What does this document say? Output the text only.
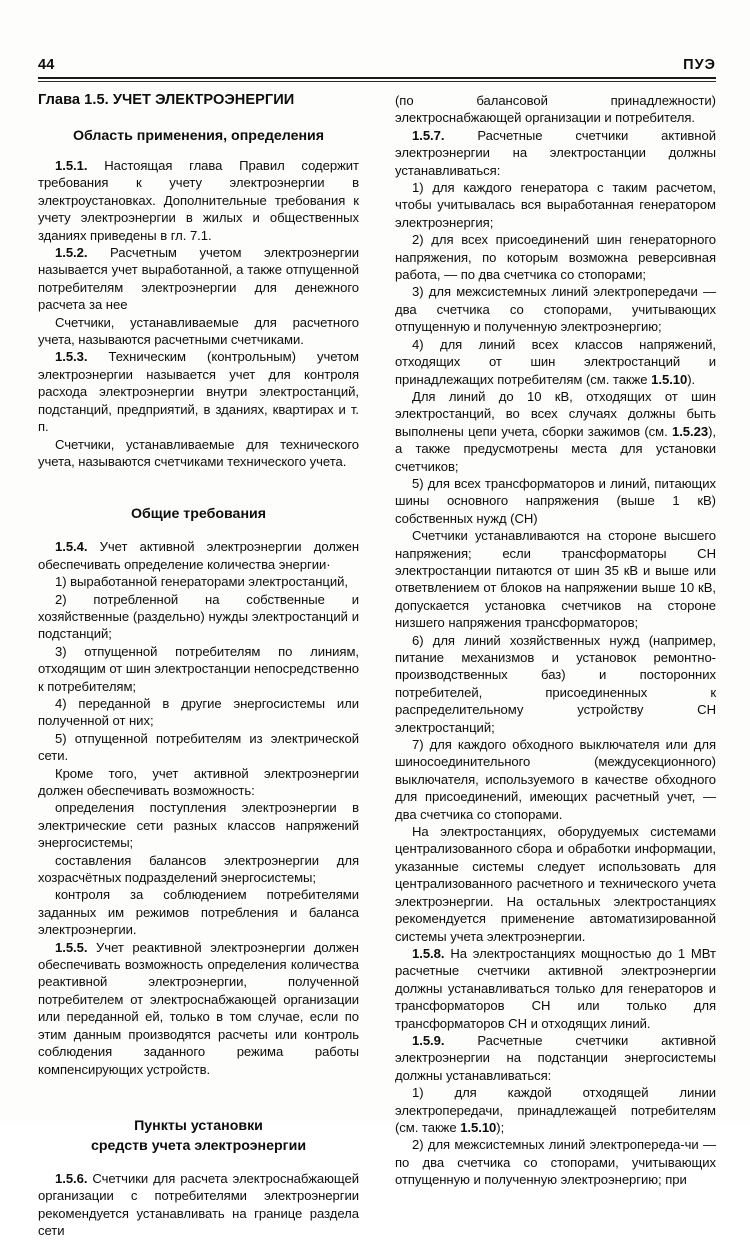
44	ПУЭ
Глава 1.5. УЧЕТ ЭЛЕКТРОЭНЕРГИИ
Область применения, определения

1.5.1. Настоящая глава Правил содержит требования к учету электроэнергии в электроустановках. Дополнительные требования к учету электроэнергии в жилых и общественных зданиях приведены в гл. 7.1.

1.5.2. Расчетным учетом электроэнергии называется учет выработанной, а также отпущенной потребителям электроэнергии для денежного расчета за нее

Счетчики, устанавливаемые для расчетного учета, называются расчетными счетчиками.

1.5.3. Техническим (контрольным) учетом электроэнергии называется учет для контроля расхода электроэнергии внутри электростанций, подстанций, предприятий, в зданиях, квартирах и т. п.

Счетчики, устанавливаемые для технического учета, называются счетчиками технического учета.

Общие требования

1.5.4. Учет активной электроэнергии должен обеспечивать определение количества энергии·

1) выработанной генераторами электростанций,

2) потребленной на собственные и хозяйственные (раздельно) нужды электростанций и подстанций;

3) отпущенной потребителям по линиям, отходящим от шин электростанции непосредственно к потребителям;

4) переданной в другие энергосистемы или полученной от них;

5) отпущенной потребителям из электрической сети.

Кроме того, учет активной электроэнергии должен обеспечивать возможность:

определения поступления электроэнергии в электрические сети разных классов напряжений энергосистемы;

составления балансов электроэнергии для хозрасчётных подразделений энергосистемы;

контроля за соблюдением потребителями заданных им режимов потребления и баланса электроэнергии.

1.5.5. Учет реактивной электроэнергии должен обеспечивать возможность определения количества реактивной электроэнергии, полученной потребителем от электроснабжающей организации или переданной ей, только в том случае, если по этим данным производятся расчеты или контроль соблюдения заданного режима работы компенсирующих устройств.

Пункты установки
средств учета электроэнергии

1.5.6. Счетчики для расчета электроснабжающей организации с потребителями электроэнергии рекомендуется устанавливать на границе раздела сети

(по балансовой принадлежности) электроснабжающей организации и потребителя.

1.5.7. Расчетные счетчики активной электроэнергии на электростанции должны устанавливаться:

1) для каждого генератора с таким расчетом, чтобы учитывалась вся выработанная генератором электроэнергия;

2) для всех присоединений шин генераторного напряжения, по которым возможна реверсивная работа, — по два счетчика со стопорами;

3) для межсистемных линий электропередачи — два счетчика со стопорами, учитывающих отпущенную и полученную электроэнергию;

4) для линий всех классов напряжений, отходящих от шин электростанций и принадлежащих потребителям (см. также 1.5.10).

Для линий до 10 кВ, отходящих от шин электростанций, во всех случаях должны быть выполнены цепи учета, сборки зажимов (см. 1.5.23), а также предусмотрены места для установки счетчиков;

5) для всех трансформаторов и линий, питающих шины основного напряжения (выше 1 кВ) собственных нужд (СН)

Счетчики устанавливаются на стороне высшего напряжения; если трансформаторы СН электростанции питаются от шин 35 кВ и выше или ответвлением от блоков на напряжении выше 10 кВ, допускается установка счетчиков на стороне низшего напряжения трансформаторов;

6) для линий хозяйственных нужд (например, питание механизмов и установок ремонтно-производственных баз) и посторонних потребителей, присоединенных к распределительному устройству СН электростанций;

7) для каждого обходного выключателя или для шиносоединительного (междусекционного) выключателя, используемого в качестве обходного для присоединений, имеющих расчетный учет, — два счетчика со стопорами.

На электростанциях, оборудуемых системами централизованного сбора и обработки информации, указанные системы следует использовать для централизованного расчетного и технического учета электроэнергии. На остальных электростанциях рекомендуется применение автоматизированной системы учета электроэнергии.

1.5.8. На электростанциях мощностью до 1 МВт расчетные счетчики активной электроэнергии должны устанавливаться только для генераторов и трансформаторов СН или только для трансформаторов СН и отходящих линий.

1.5.9. Расчетные счетчики активной электроэнергии на подстанции энергосистемы должны устанавливаться:

1) для каждой отходящей линии электропередачи, принадлежащей потребителям (см. также 1.5.10);

2) для межсистемных линий электропереда-чи — по два счетчика со стопорами, учитывающих отпущенную и полученную электроэнергию; при
